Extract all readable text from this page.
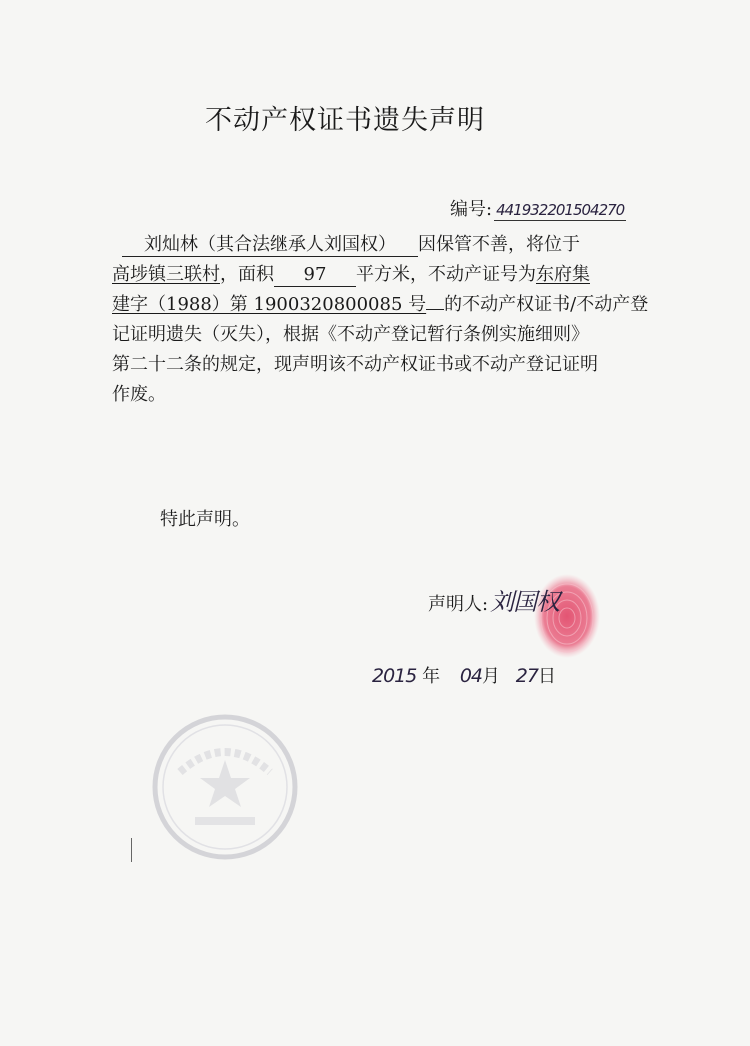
不动产权证书遗失声明
编号: 441932201504270

刘灿林（其合法继承人刘国权） 因保管不善，将位于

高埗镇三联村，面积 97 平方米，不动产证号为东府集

建字（1988）第 1900320800085 号 的不动产权证书/不动产登

记证明遗失（灭失），根据《不动产登记暂行条例实施细则》

第二十二条的规定，现声明该不动产权证书或不动产登记证明

作废。

特此声明。
声明人:刘国权
2015 年 04月 27日
